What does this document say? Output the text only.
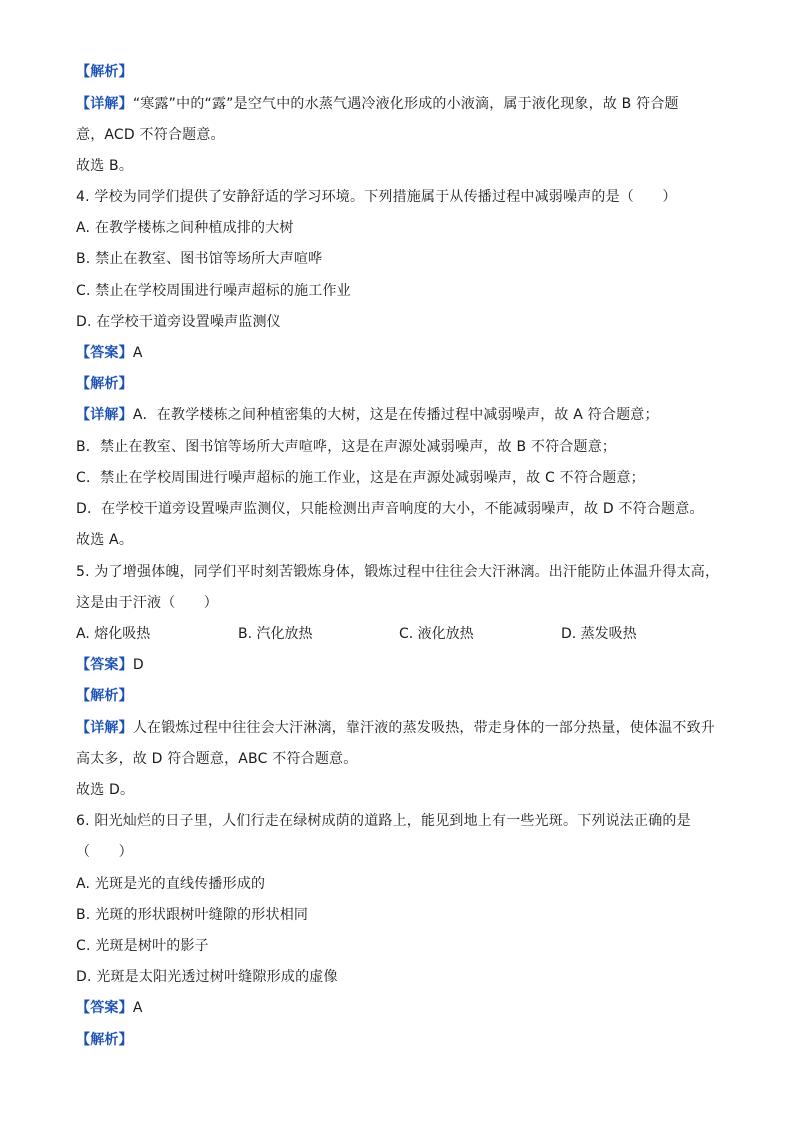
【解析】
【详解】“寒露”中的“露”是空气中的水蒸气遇冷液化形成的小液滴，属于液化现象，故 B 符合题
意，ACD 不符合题意。
故选 B。
4. 学校为同学们提供了安静舒适的学习环境。下列措施属于从传播过程中减弱噪声的是（　　）
A. 在教学楼栋之间种植成排的大树
B. 禁止在教室、图书馆等场所大声喧哗
C. 禁止在学校周围进行噪声超标的施工作业
D. 在学校干道旁设置噪声监测仪
【答案】A
【解析】
【详解】A．在教学楼栋之间种植密集的大树，这是在传播过程中减弱噪声，故 A 符合题意；
B．禁止在教室、图书馆等场所大声喧哗，这是在声源处减弱噪声，故 B 不符合题意；
C．禁止在学校周围进行噪声超标的施工作业，这是在声源处减弱噪声，故 C 不符合题意；
D．在学校干道旁设置噪声监测仪，只能检测出声音响度的大小，不能减弱噪声，故 D 不符合题意。
故选 A。
5. 为了增强体魄，同学们平时刻苦锻炼身体，锻炼过程中往往会大汗淋漓。出汗能防止体温升得太高，
这是由于汗液（　　）
A. 熔化吸热	B. 汽化放热	C. 液化放热	D. 蒸发吸热
【答案】D
【解析】
【详解】人在锻炼过程中往往会大汗淋漓，靠汗液的蒸发吸热，带走身体的一部分热量，使体温不致升
高太多，故 D 符合题意，ABC 不符合题意。
故选 D。
6. 阳光灿烂的日子里，人们行走在绿树成荫的道路上，能见到地上有一些光斑。下列说法正确的是
（　　）
A. 光斑是光的直线传播形成的
B. 光斑的形状跟树叶缝隙的形状相同
C. 光斑是树叶的影子
D. 光斑是太阳光透过树叶缝隙形成的虚像
【答案】A
【解析】
